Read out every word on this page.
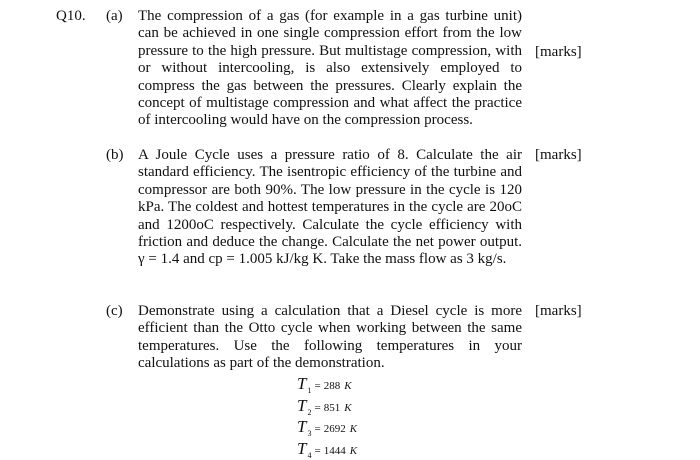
Q10. (a) The compression of a gas (for example in a gas turbine unit) can be achieved in one single compression effort from the low pressure to the high pressure. But multistage compression, with or without intercooling, is also extensively employed to compress the gas between the pressures. Clearly explain the concept of multistage compression and what affect the practice of intercooling would have on the compression process.

[marks]
(b) A Joule Cycle uses a pressure ratio of 8. Calculate the air standard efficiency. The isentropic efficiency of the turbine and compressor are both 90%. The low pressure in the cycle is 120 kPa. The coldest and hottest temperatures in the cycle are 20oC and 1200oC respectively. Calculate the cycle efficiency with friction and deduce the change. Calculate the net power output. γ = 1.4 and cp = 1.005 kJ/kg K. Take the mass flow as 3 kg/s.

[marks]
(c) Demonstrate using a calculation that a Diesel cycle is more efficient than the Otto cycle when working between the same temperatures. Use the following temperatures in your calculations as part of the demonstration.

[marks]
T 1 = 288 K
T 2 = 851 K
T 3 = 2692 K
T 4 = 1444 K
